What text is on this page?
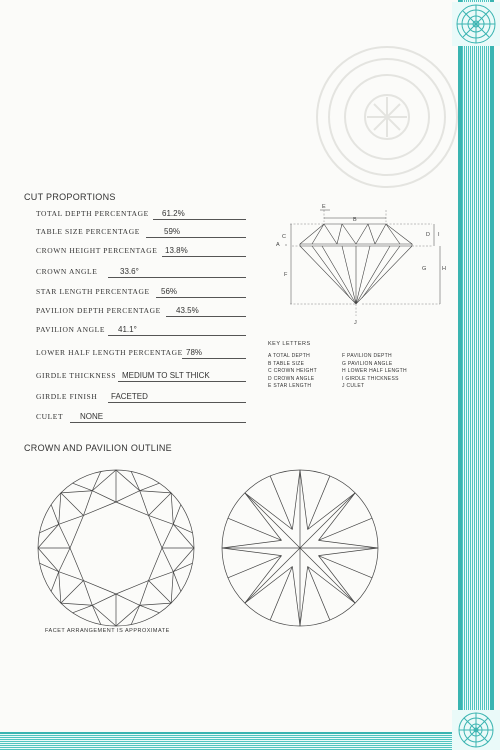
CUT PROPORTIONS
TOTAL DEPTH PERCENTAGE 61.2%
TABLE SIZE PERCENTAGE	59%
CROWN HEIGHT PERCENTAGE 13.8%
CROWN ANGLE	33.6°
STAR LENGTH PERCENTAGE 56%
PAVILION DEPTH PERCENTAGE 43.5%
PAVILION ANGLE 41.1°
LOWER HALF LENGTH PERCENTAGE 78%
GIRDLE THICKNESS MEDIUM TO SLT THICK
GIRDLE FINISH FACETED
CULET NONE
A
B
C	D
E
F
G	H
I
J
KEY LETTERS
A TOTAL DEPTH
B TABLE SIZE
C CROWN HEIGHT
D CROWN ANGLE
E STAR LENGTH
F PAVILION DEPTH
G PAVILION ANGLE
H LOWER HALF LENGTH
I GIRDLE THICKNESS
J CULET
CROWN AND PAVILION OUTLINE
FACET ARRANGEMENT IS APPROXIMATE
